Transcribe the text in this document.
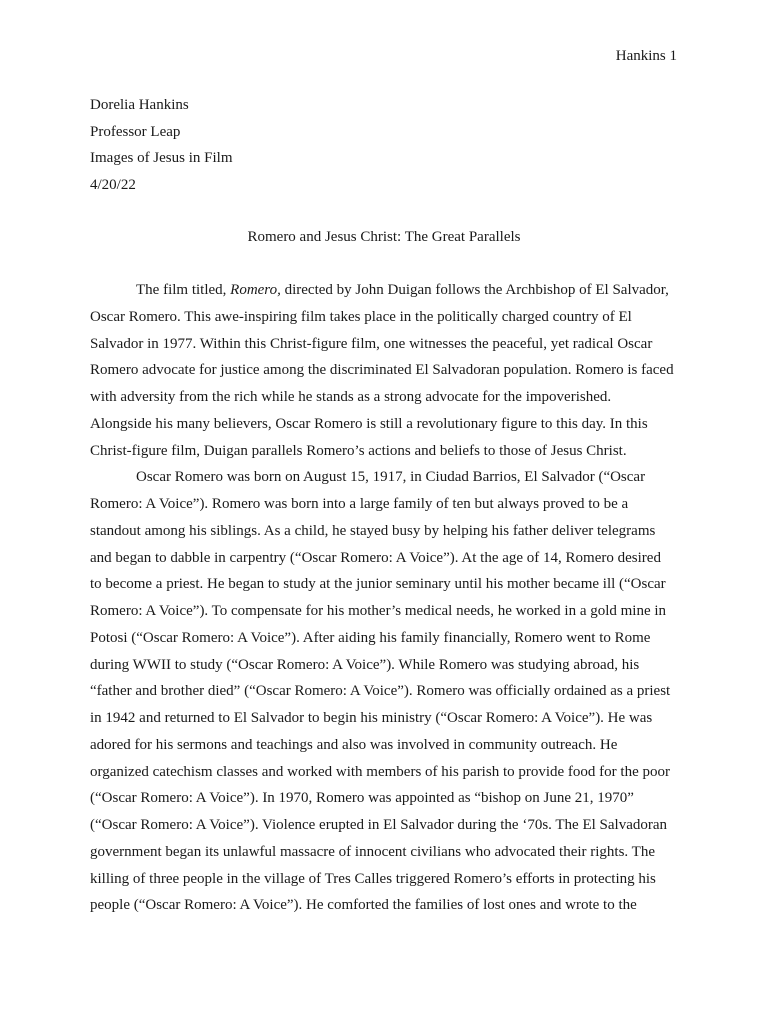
Hankins 1
Dorelia Hankins
Professor Leap
Images of Jesus in Film
4/20/22
Romero and Jesus Christ: The Great Parallels
The film titled, Romero, directed by John Duigan follows the Archbishop of El Salvador,
Oscar Romero. This awe-inspiring film takes place in the politically charged country of El
Salvador in 1977. Within this Christ-figure film, one witnesses the peaceful, yet radical Oscar
Romero advocate for justice among the discriminated El Salvadoran population. Romero is faced
with adversity from the rich while he stands as a strong advocate for the impoverished.
Alongside his many believers, Oscar Romero is still a revolutionary figure to this day. In this
Christ-figure film, Duigan parallels Romero’s actions and beliefs to those of Jesus Christ.
Oscar Romero was born on August 15, 1917, in Ciudad Barrios, El Salvador (“Oscar
Romero: A Voice”). Romero was born into a large family of ten but always proved to be a
standout among his siblings. As a child, he stayed busy by helping his father deliver telegrams
and began to dabble in carpentry (“Oscar Romero: A Voice”). At the age of 14, Romero desired
to become a priest. He began to study at the junior seminary until his mother became ill (“Oscar
Romero: A Voice”). To compensate for his mother’s medical needs, he worked in a gold mine in
Potosi (“Oscar Romero: A Voice”). After aiding his family financially, Romero went to Rome
during WWII to study (“Oscar Romero: A Voice”). While Romero was studying abroad, his
“father and brother died” (“Oscar Romero: A Voice”). Romero was officially ordained as a priest
in 1942 and returned to El Salvador to begin his ministry (“Oscar Romero: A Voice”). He was
adored for his sermons and teachings and also was involved in community outreach. He
organized catechism classes and worked with members of his parish to provide food for the poor
(“Oscar Romero: A Voice”). In 1970, Romero was appointed as “bishop on June 21, 1970”
(“Oscar Romero: A Voice”). Violence erupted in El Salvador during the ‘70s. The El Salvadoran
government began its unlawful massacre of innocent civilians who advocated their rights. The
killing of three people in the village of Tres Calles triggered Romero’s efforts in protecting his
people (“Oscar Romero: A Voice”). He comforted the families of lost ones and wrote to the
